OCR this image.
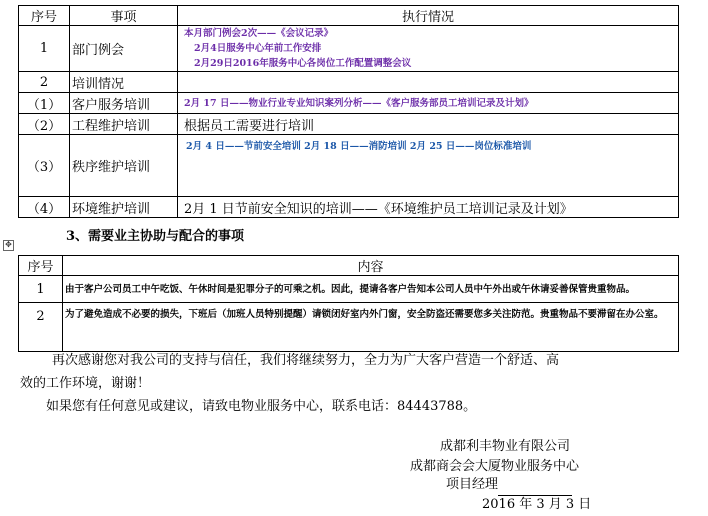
序号	事项	执行情况
1	部门例会	本月部门例会2次——《会议记录》
2月4日服务中心年前工作安排
2月29日2016年服务中心各岗位工作配置调整会议

2	培训情况	
（1）	客户服务培训	2月 17 日——物业行业专业知识案列分析——《客户服务部员工培训记录及计划》

（2）	工程维护培训	根据员工需要进行培训
（3）	秩序维护培训	2月 4 日——节前安全培训 2月 18 日——消防培训 2月 25 日——岗位标准培训

（4）	环境维护培训	2月 1 日节前安全知识的培训——《环境维护员工培训记录及计划》
✥
3、需要业主协助与配合的事项
序号	内容
1	由于客户公司员工中午吃饭、午休时间是犯罪分子的可乘之机。因此，提请各客户告知本公司人员中午外出或午休请妥善保管贵重物品。
2	为了避免造成不必要的损失，下班后（加班人员特别提醒）请锁闭好室内外门窗，安全防盗还需要您多关注防范。贵重物品不要滞留在办公室。
再次感谢您对我公司的支持与信任，我们将继续努力，全力为广大客户营造一个舒适、高
效的工作环境，谢谢！
如果您有任何意见或建议，请致电物业服务中心，联系电话：84443788。
成都利丰物业有限公司
成都商会会大厦物业服务中心
项目经理
2016 年 3 月 3 日
